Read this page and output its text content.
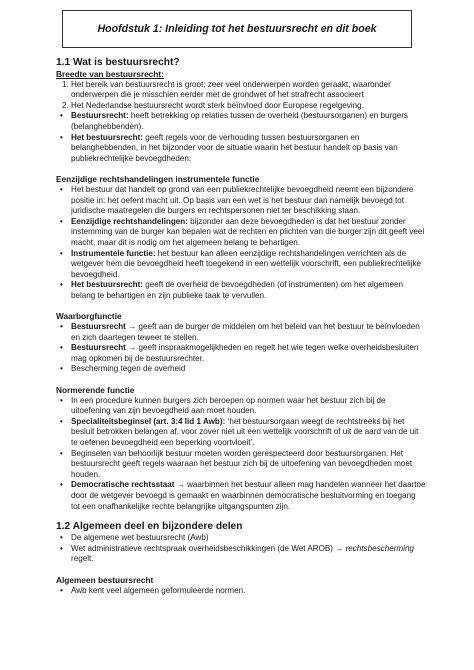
Hoofdstuk 1: Inleiding tot het bestuursrecht en dit boek
1.1 Wat is bestuursrecht?
Breedte van bestuursrecht:
1. Het bereik van bestuursrecht is groot; zeer veel onderwerpen worden geraakt, waaronder onderwerpen die je misschien eerder met de grondwet of het strafrecht associeert
2. Het Nederlandse bestuursrecht wordt sterk beïnvloed door Europese regelgeving.
• Bestuursrecht: heeft betrekking op relaties tussen de overheid (bestuursorganen) en burgers (belanghebbenden).
• Het bestuursrecht: geeft regels voor de verhouding tussen bestuursorganen en belanghebbenden, in het bijzonder voor de situatie waarin het bestuur handelt op basis van publiekrechtelijke bevoegdheden.
Eenzijdige rechtshandelingen instrumentele functie
• Het bestuur dat handelt op grond van een publiekrechtelijke bevoegdheid neemt een bijzondere positie in: het oefent macht uit. Op basis van een wet is het bestuur dan namelijk bevoegd tot juridische maatregelen die burgers en rechtspersonen niet ter beschikking staan.
• Eenzijdige rechtshandelingen: bijzonder aan deze bevoegdheden is dat het bestuur zonder instemming van de burger kan bepalen wat de rechten en plichten van die burger zijn dit geeft veel macht, maar dit is nodig om het algemeen belang te behartigen.
• Instrumentele functie: het bestuur kan alleen eenzijdige rechtshandelingen verrichten als de wetgever hem die bevoegdheid heeft toegekend in een wettelijk voorschrift, een publiekrechtelijke bevoegdheid.
• Het bestuursrecht: geeft de overheid de bevoegdheden (of instrumenten) om het algemeen belang te behartigen en zijn publieke taak te vervullen.
Waarborgfunctie
• Bestuursrecht → geeft aan de burger de middelen om het beleid van het bestuur te beïnvloeden en zich daartegen teweer te stellen.
• Bestuursrecht → geeft inspraakmogelijkheden en regelt het wie tegen welke overheidsbesluiten mag opkomen bij de bestuursrechter.
• Bescherming tegen de overheid
Normerende functie
• In een procedure kunnen burgers zich beroepen op normen waar het bestuur zich bij de uitoefening van zijn bevoegdheid aan moet houden.
• Specialiteitsbeginsel (art. 3:4 lid 1 Awb): ‘het bestuursorgaan weegt de rechtstreeks bij het besluit betrokken belangen af, voor zover niet uit een wettelijk voorschrift of uit de aard van de uit te oefenen bevoegdheid een beperking voortvloeit’.
• Beginselen van behoorlijk bestuur moeten worden gerespecteerd door bestuursorganen. Het bestuursrecht geeft regels waaraan het bestuur zich bij de uitoefening van bevoegdheden moet houden.
• Democratische rechtsstaat → waarbinnen het bestuur alleen mag handelen wanneer het daartoe door de wetgever bevoegd is gemaakt en waarbinnen democratische besluitvorming en toegang tot een onafhankelijke rechte belangrijke uitgangspunten zijn.
1.2 Algemeen deel en bijzondere delen
• De algemene wet bestuursrecht (Awb)
• Wet administratieve rechtspraak overheidsbeschikkingen (de Wet AROB) → rechtsbescherming regelt.
Algemeen bestuursrecht
• Awb kent veel algemeen geformuleerde normen.
